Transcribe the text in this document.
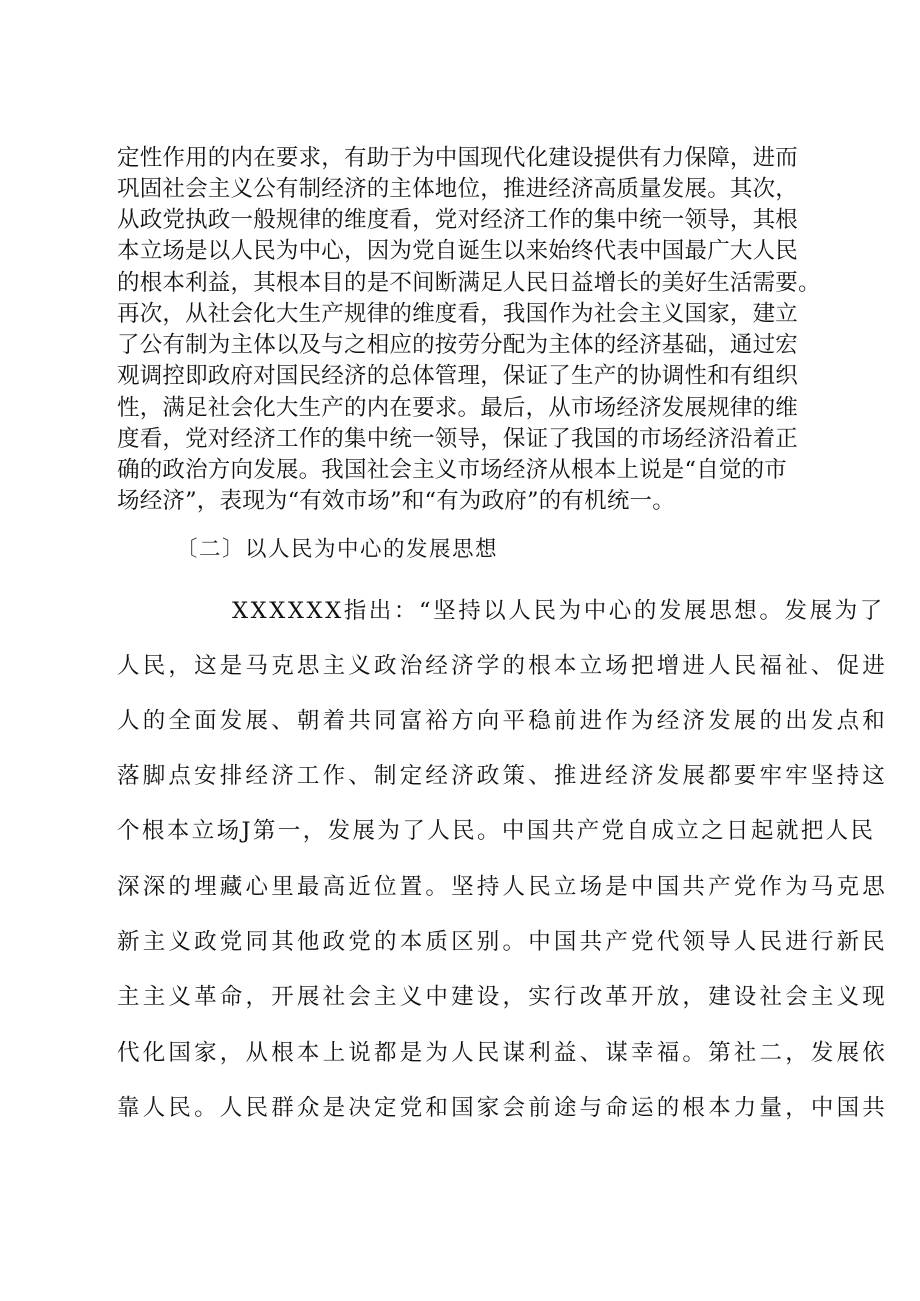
定性作用的内在要求，有助于为中国现代化建设提供有力保障，进而

巩固社会主义公有制经济的主体地位，推进经济高质量发展。其次，

从政党执政一般规律的维度看，党对经济工作的集中统一领导，其根

本立场是以人民为中心，因为党自诞生以来始终代表中国最广大人民

的根本利益，其根本目的是不间断满足人民日益增长的美好生活需要。

再次，从社会化大生产规律的维度看，我国作为社会主义国家，建立

了公有制为主体以及与之相应的按劳分配为主体的经济基础，通过宏

观调控即政府对国民经济的总体管理，保证了生产的协调性和有组织

性，满足社会化大生产的内在要求。最后，从市场经济发展规律的维

度看，党对经济工作的集中统一领导，保证了我国的市场经济沿着正

确的政治方向发展。我国社会主义市场经济从根本上说是“自觉的市

场经济”，表现为“有效市场”和“有为政府”的有机统一。

〔二〕以人民为中心的发展思想

XXXXXX指出：“坚持以人民为中心的发展思想。发展为了

人民，这是马克思主义政治经济学的根本立场把增进人民福祉、促进

人的全面发展、朝着共同富裕方向平稳前进作为经济发展的出发点和

落脚点安排经济工作、制定经济政策、推进经济发展都要牢牢坚持这

个根本立场J第一，发展为了人民。中国共产党自成立之日起就把人民

深深的埋藏心里最高近位置。坚持人民立场是中国共产党作为马克思

新主义政党同其他政党的本质区别。中国共产党代领导人民进行新民

主主义革命，开展社会主义中建设，实行改革开放，建设社会主义现

代化国家，从根本上说都是为人民谋利益、谋幸福。第社二，发展依

靠人民。人民群众是决定党和国家会前途与命运的根本力量，中国共
